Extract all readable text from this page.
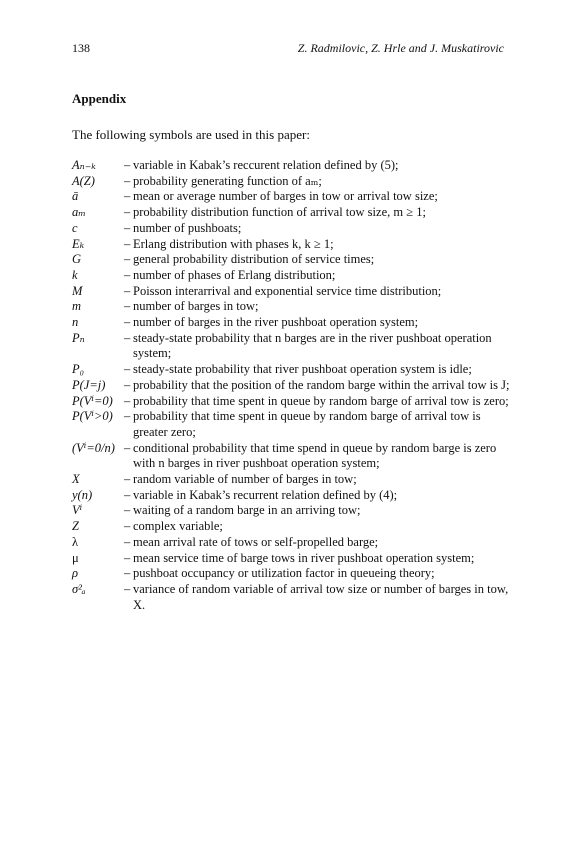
138	Z. Radmilovic, Z. Hrle and J. Muskatirovic
Appendix
The following symbols are used in this paper:
Aₙ₋ₖ	– variable in Kabak’s reccurent relation defined by (5);
A(Z)	– probability generating function of aₘ;
ā	– mean or average number of barges in tow or arrival tow size;
aₘ	– probability distribution function of arrival tow size, m ≥ 1;
c	– number of pushboats;
Eₖ	– Erlang distribution with phases k, k ≥ 1;
G	– general probability distribution of service times;
k	– number of phases of Erlang distribution;
M	– Poisson interarrival and exponential service time distribution;
m	– number of barges in tow;
n	– number of barges in the river pushboat operation system;
Pₙ	– steady-state probability that n barges are in the river pushboat operation system;
P₀	– steady-state probability that river pushboat operation system is idle;
P(J=j)	– probability that the position of the random barge within the arrival tow is J;
P(Vⁱ=0) – probability that time spent in queue by random barge of arrival tow is zero;
P(Vⁱ>0) – probability that time spent in queue by random barge of arrival tow is greater zero;
(Vⁱ=0/n) – conditional probability that time spend in queue by random barge is zero with n barges in river pushboat operation system;
X	– random variable of number of barges in tow;
y(n)	– variable in Kabak’s recurrent relation defined by (4);
Vⁱ	– waiting of a random barge in an arriving tow;
Z	– complex variable;
λ	– mean arrival rate of tows or self-propelled barge;
μ	– mean service time of barge tows in river pushboat operation system;
ρ	– pushboat occupancy or utilization factor in queueing theory;
σ²ₐ	– variance of random variable of arrival tow size or number of barges in tow, X.
